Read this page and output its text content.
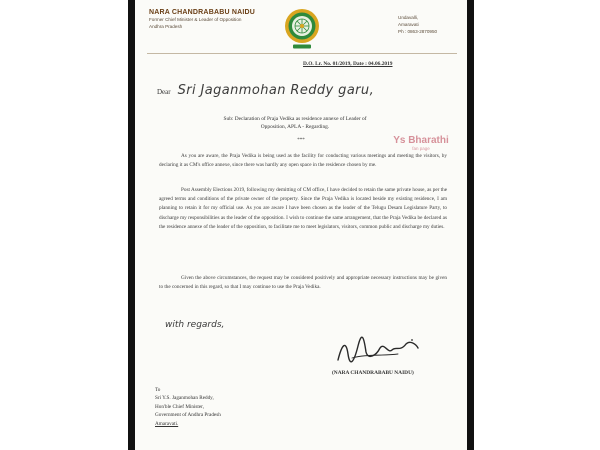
NARA CHANDRABABU NAIDU
Former Chief Minister & Leader of Opposition
Andhra Pradesh
Undavalli,
Amaravati
Ph : 0863-2870950
D.O. Lr. No. 01/2019, Date : 04.06.2019
Dear Sri Jaganmohan Reddy garu,
Sub: Declaration of Praja Vedika as residence annexe of Leader of
Opposition, APLA - Regarding.
***	Ys Bharathi
fan page

As you are aware, the Praja Vedika is being used as the facility for conducting various meetings and meeting the visitors, by declaring it as CM's office annexe, since there was hardly any open space in the residence chosen by me.

Post Assembly Elections 2019, following my demitting of CM office, I have decided to retain the same private house, as per the agreed terms and conditions of the private owner of the property. Since the Praja Vedika is located beside my existing residence, I am planning to retain it for my official use. As you are aware I have been chosen as the leader of the Telugu Desam Legislature Party, to discharge my responsibilities as the leader of the opposition. I wish to continue the same arrangement, that the Praja Vedika be declared as the residence annexe of the leader of the opposition, to facilitate me to meet legislators, visitors, common public and discharge my duties.

Given the above circumstances, the request may be considered positively and appropriate necessary instructions may be given to the concerned in this regard, so that I may continue to use the Praja Vedika.

with regards,
(NARA CHANDRABABU NAIDU)
To
Sri Y.S. Jaganmohan Reddy,
Hon'ble Chief Minister,
Government of Andhra Pradesh
Amaravati.
